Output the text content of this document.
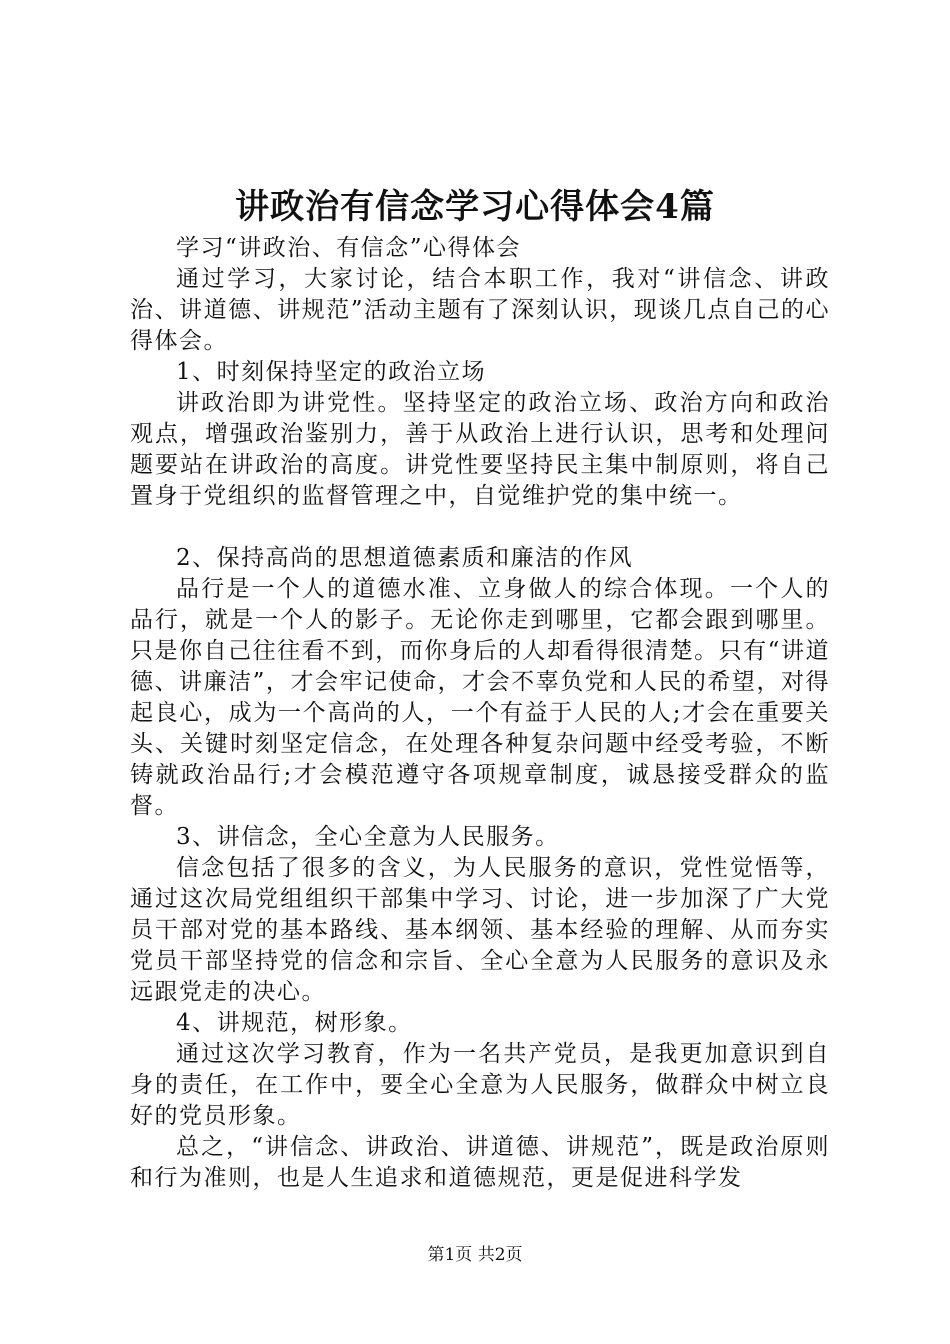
讲政治有信念学习心得体会4篇

学习“讲政治、有信念”心得体会

通过学习，大家讨论，结合本职工作，我对“讲信念、讲政治、讲道德、讲规范”活动主题有了深刻认识，现谈几点自己的心得体会。

1、时刻保持坚定的政治立场

讲政治即为讲党性。坚持坚定的政治立场、政治方向和政治观点，增强政治鉴别力，善于从政治上进行认识，思考和处理问题要站在讲政治的高度。讲党性要坚持民主集中制原则，将自己置身于党组织的监督管理之中，自觉维护党的集中统一。

2、保持高尚的思想道德素质和廉洁的作风

品行是一个人的道德水准、立身做人的综合体现。一个人的品行，就是一个人的影子。无论你走到哪里，它都会跟到哪里。只是你自己往往看不到，而你身后的人却看得很清楚。只有“讲道德、讲廉洁”，才会牢记使命，才会不辜负党和人民的希望，对得起良心，成为一个高尚的人，一个有益于人民的人;才会在重要关头、关键时刻坚定信念，在处理各种复杂问题中经受考验，不断铸就政治品行;才会模范遵守各项规章制度，诚恳接受群众的监督。

3、讲信念，全心全意为人民服务。

信念包括了很多的含义，为人民服务的意识，党性觉悟等，通过这次局党组组织干部集中学习、讨论，进一步加深了广大党员干部对党的基本路线、基本纲领、基本经验的理解、从而夯实党员干部坚持党的信念和宗旨、全心全意为人民服务的意识及永远跟党走的决心。

4、讲规范，树形象。

通过这次学习教育，作为一名共产党员，是我更加意识到自身的责任，在工作中，要全心全意为人民服务，做群众中树立良好的党员形象。

总之，“讲信念、讲政治、讲道德、讲规范”，既是政治原则和行为准则，也是人生追求和道德规范，更是促进科学发

第1页 共2页
